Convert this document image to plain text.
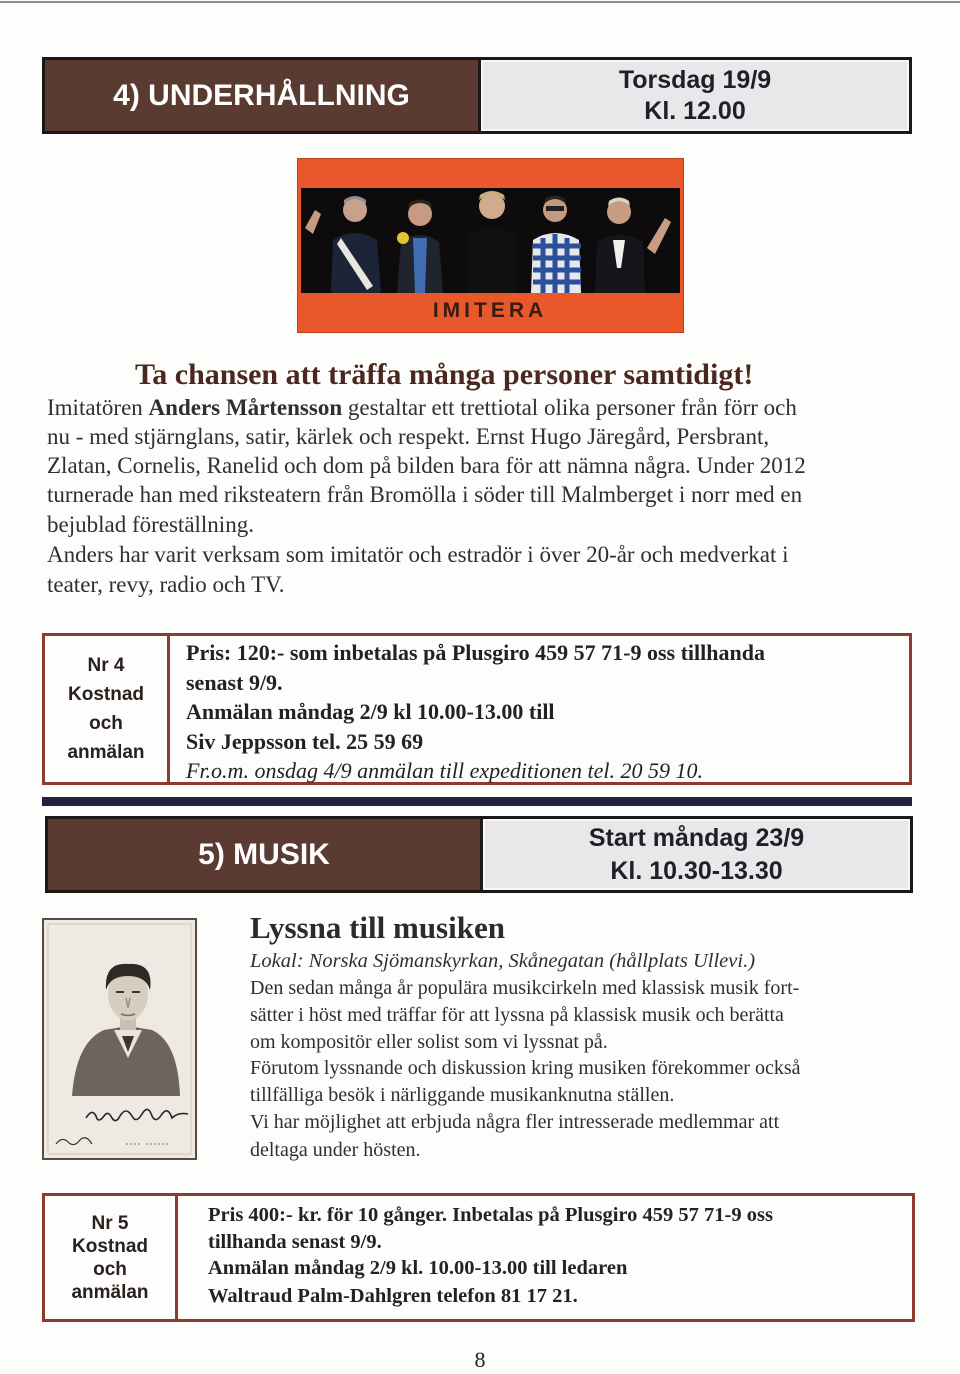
4) UNDERHÅLLNING	Torsdag 19/9
Kl. 12.00
IMITERA
Ta chansen att träffa många personer samtidigt!
Imitatören Anders Mårtensson gestaltar ett trettiotal olika personer från förr och
nu - med stjärnglans, satir, kärlek och respekt. Ernst Hugo Järegård, Persbrant,
Zlatan, Cornelis, Ranelid och dom på bilden bara för att nämna några. Under 2012
turnerade han med riksteatern från Bromölla i söder till Malmberget i norr med en
bejublad föreställning.
Anders har varit verksam som imitatör och estradör i över 20-år och medverkat i
teater, revy, radio och TV.
Nr 4
Kostnad
och
anmälan
Pris: 120:- som inbetalas på Plusgiro 459 57 71-9 oss tillhanda
senast 9/9.
Anmälan måndag 2/9 kl 10.00-13.00 till
Siv Jeppsson tel. 25 59 69
Fr.o.m. onsdag 4/9 anmälan till expeditionen tel. 20 59 10.
5) MUSIK	Start måndag 23/9
Kl. 10.30-13.30
Lyssna till musiken
Lokal: Norska Sjömanskyrkan, Skånegatan (hållplats Ullevi.)
Den sedan många år populära musikcirkeln med klassisk musik fort-
sätter i höst med träffar för att lyssna på klassisk musik och berätta
om kompositör eller solist som vi lyssnat på.
Förutom lyssnande och diskussion kring musiken förekommer också
tillfälliga besök i närliggande musikanknutna ställen.
Vi har möjlighet att erbjuda några fler intresserade medlemmar att
deltaga under hösten.
Nr 5
Kostnad
och
anmälan
Pris 400:- kr. för 10 gånger. Inbetalas på Plusgiro 459 57 71-9 oss
tillhanda senast 9/9.
Anmälan måndag 2/9 kl. 10.00-13.00 till ledaren
Waltraud Palm-Dahlgren telefon 81 17 21.
8
